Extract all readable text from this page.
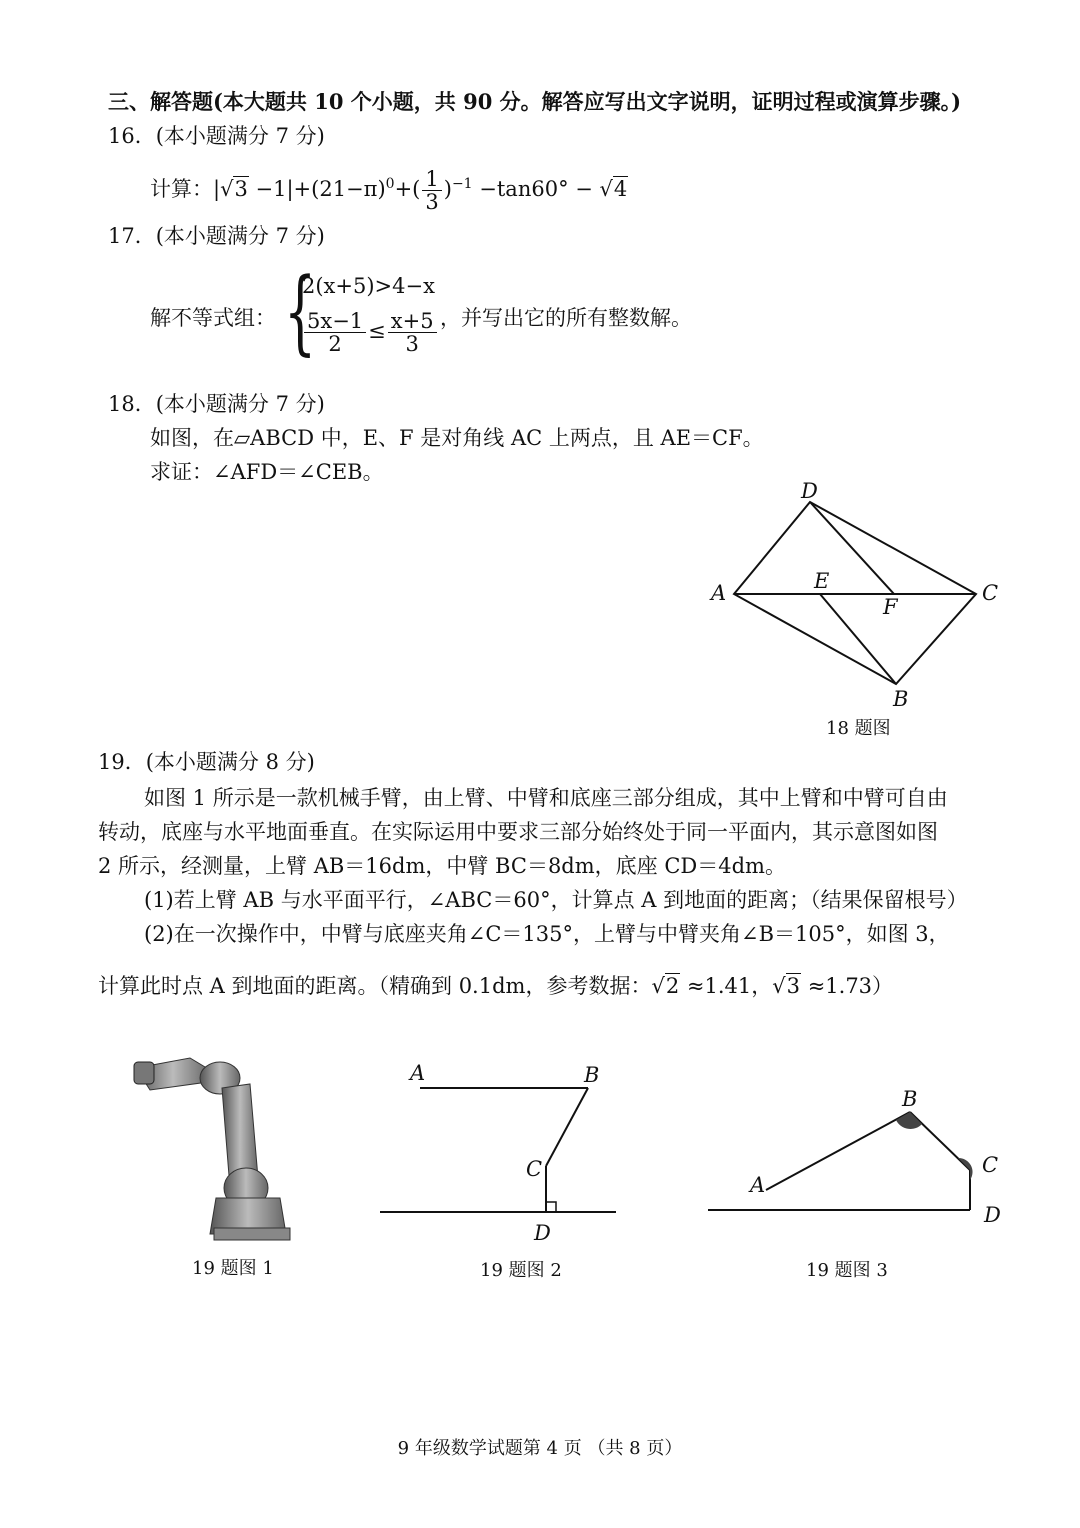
三、解答题(本大题共 10 个小题，共 90 分。解答应写出文字说明，证明过程或演算步骤。)
16．(本小题满分 7 分)
计算：$|√3 -1|+(21-\pi)^0+( \frac{1}{3} )^{-1} -\tan 60^\circ - √4$
17．(本小题满分 7 分)
解不等式组： {
2(x+5)>4−x
$\frac{5x-1}{2} \le \frac{x+5}{3}$ ，并写出它的所有整数解。
18．(本小题满分 7 分)
如图，在▱ABCD 中，E、F 是对角线 AC 上两点，且 AE＝CF。
求证：∠AFD＝∠CEB。
D
A	E
F
C
B
18 题图
19．(本小题满分 8 分)
如图 1 所示是一款机械手臂，由上臂、中臂和底座三部分组成，其中上臂和中臂可自由
转动，底座与水平地面垂直。在实际运用中要求三部分始终处于同一平面内，其示意图如图
2 所示，经测量，上臂 AB＝16dm，中臂 BC＝8dm，底座 CD＝4dm。
(1)若上臂 AB 与水平面平行，∠ABC＝60°，计算点 A 到地面的距离；（结果保留根号）
(2)在一次操作中，中臂与底座夹角∠C＝135°，上臂与中臂夹角∠B＝105°，如图 3，
计算此时点 A 到地面的距离。（精确到 0.1dm，参考数据：√2 ≈1.41，√3 ≈1.73）
19 题图 1
A	B
C
D
19 题图 2
A
B
C
D
19 题图 3
9 年级数学试题第 4 页 （共 8 页）
